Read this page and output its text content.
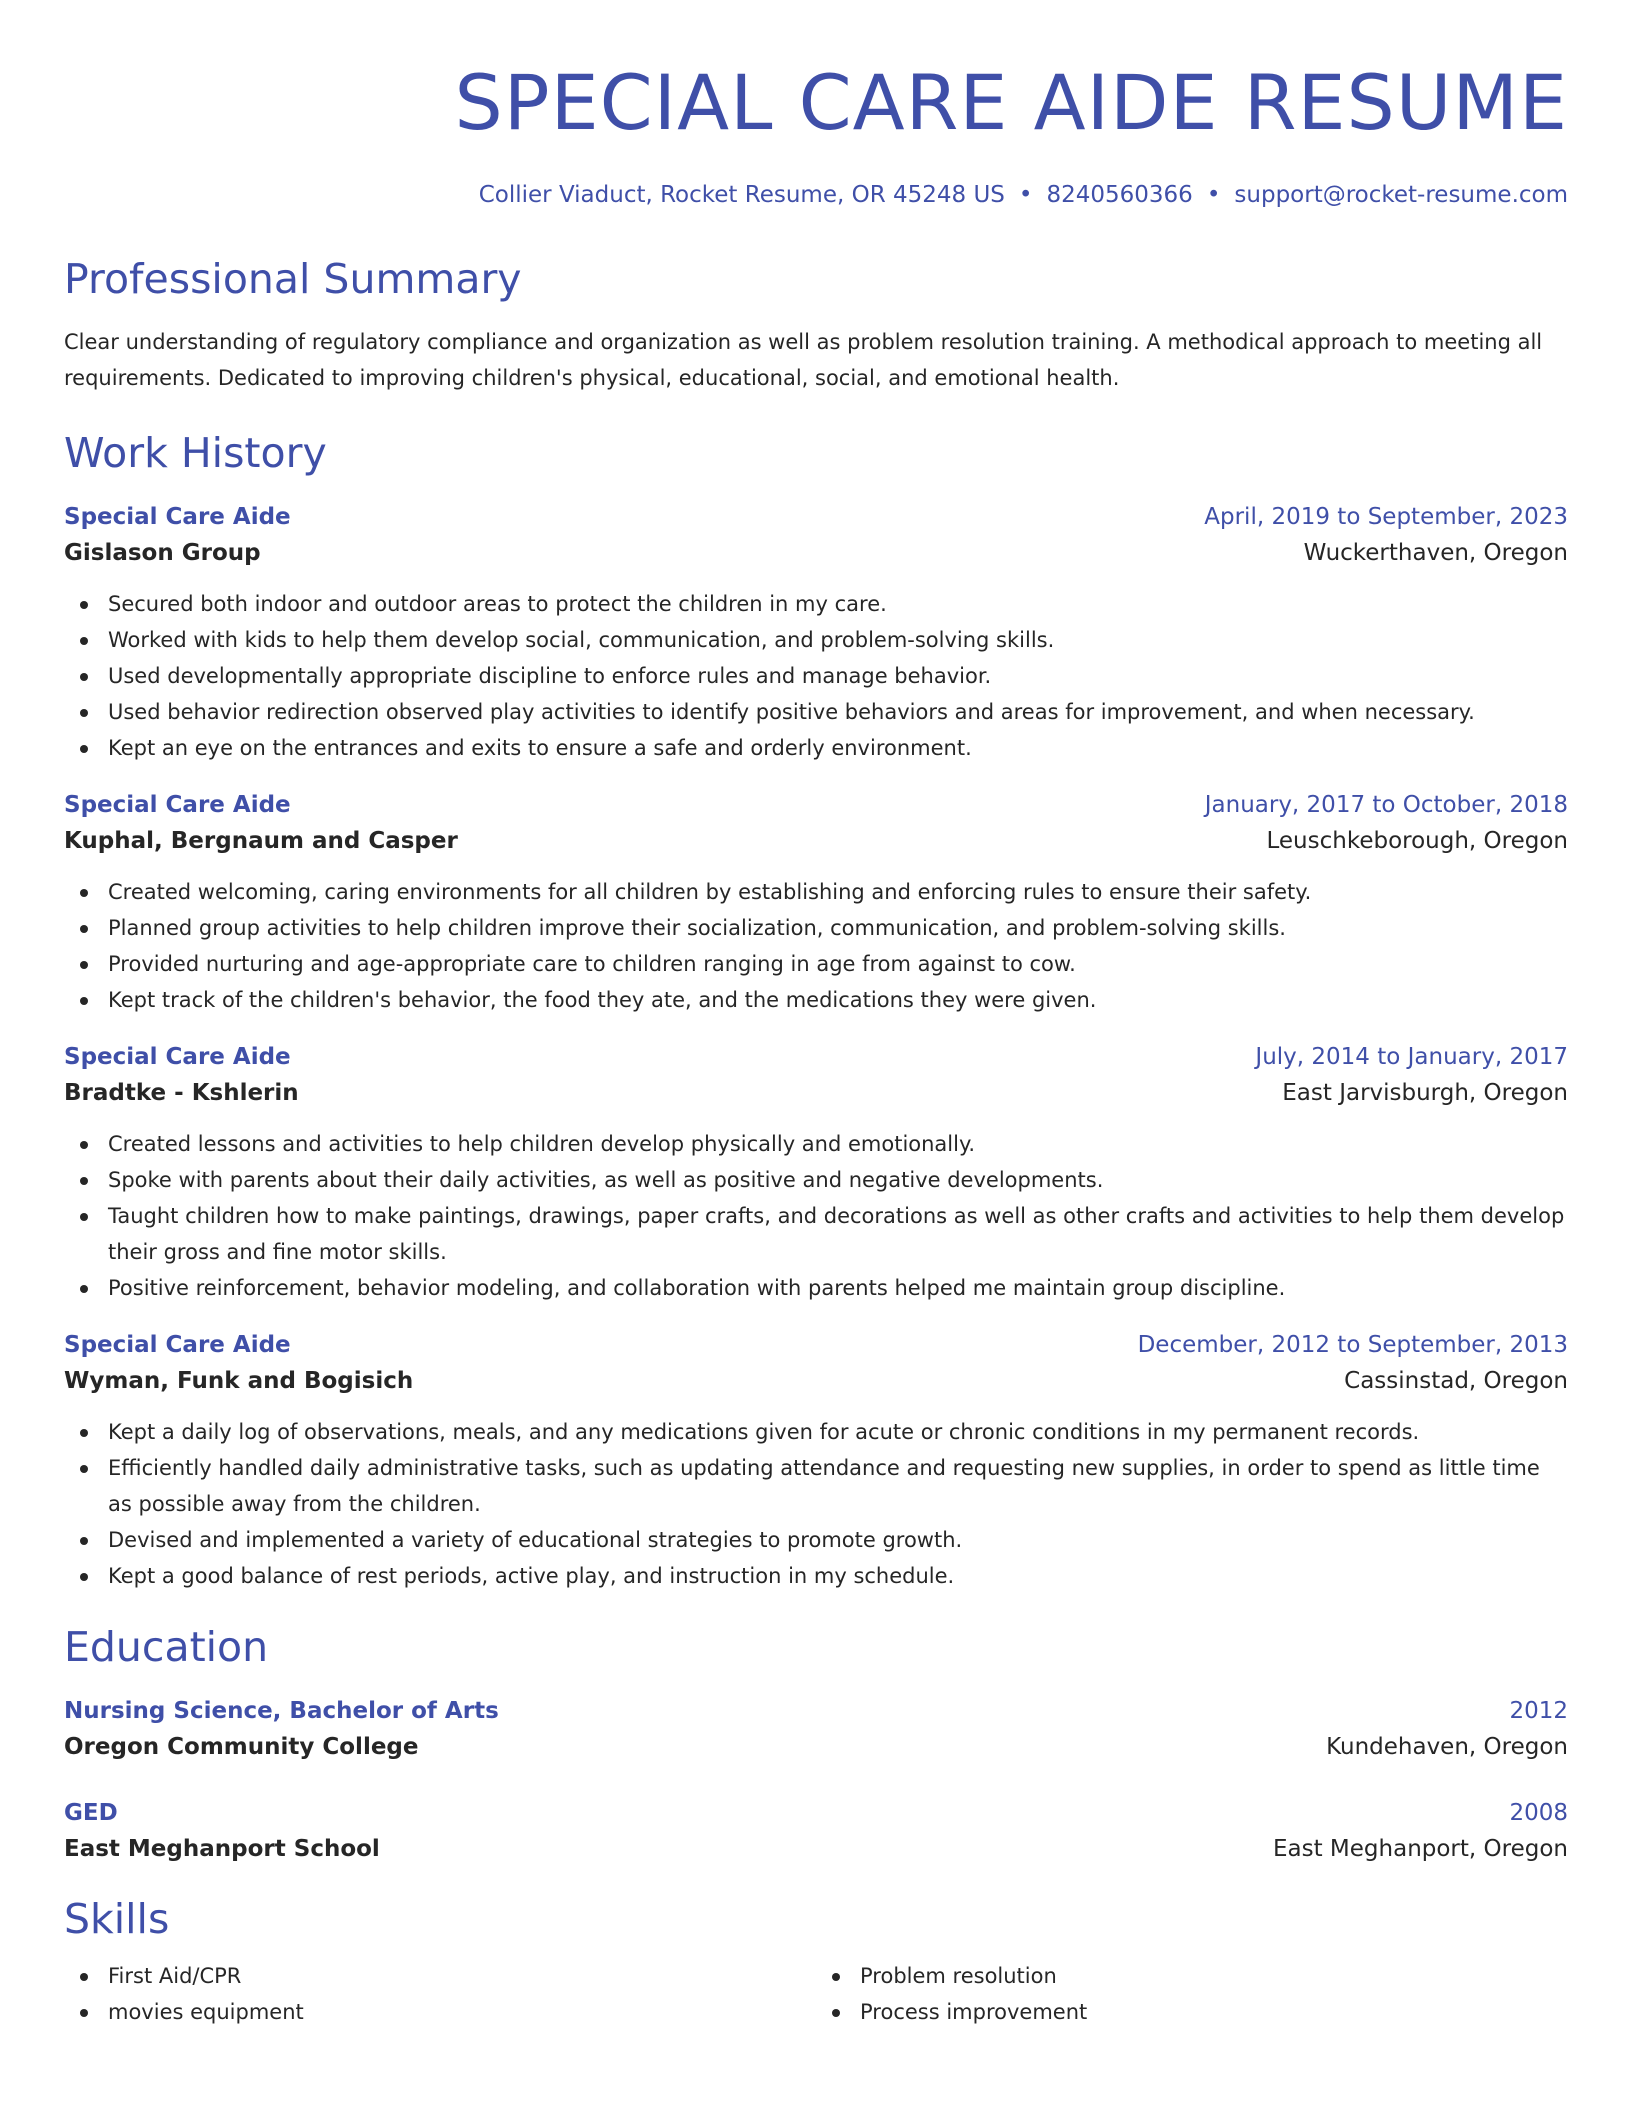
SPECIAL CARE AIDE RESUME
Collier Viaduct, Rocket Resume, OR 45248 US • 8240560366 • support@rocket-resume.com
Professional Summary

Clear understanding of regulatory compliance and organization as well as problem resolution training. A methodical approach to meeting all requirements. Dedicated to improving children's physical, educational, social, and emotional health.

Work History
Special Care Aide	April, 2019 to September, 2023
Gislason Group	Wuckerthaven, Oregon
Secured both indoor and outdoor areas to protect the children in my care.
Worked with kids to help them develop social, communication, and problem-solving skills.
Used developmentally appropriate discipline to enforce rules and manage behavior.
Used behavior redirection observed play activities to identify positive behaviors and areas for improvement, and when necessary.
Kept an eye on the entrances and exits to ensure a safe and orderly environment.
Special Care Aide	January, 2017 to October, 2018
Kuphal, Bergnaum and Casper	Leuschkeborough, Oregon
Created welcoming, caring environments for all children by establishing and enforcing rules to ensure their safety.
Planned group activities to help children improve their socialization, communication, and problem-solving skills.
Provided nurturing and age-appropriate care to children ranging in age from against to cow.
Kept track of the children's behavior, the food they ate, and the medications they were given.
Special Care Aide	July, 2014 to January, 2017
Bradtke - Kshlerin	East Jarvisburgh, Oregon
Created lessons and activities to help children develop physically and emotionally.
Spoke with parents about their daily activities, as well as positive and negative developments.
Taught children how to make paintings, drawings, paper crafts, and decorations as well as other crafts and activities to help them develop their gross and fine motor skills.
Positive reinforcement, behavior modeling, and collaboration with parents helped me maintain group discipline.
Special Care Aide	December, 2012 to September, 2013
Wyman, Funk and Bogisich	Cassinstad, Oregon
Kept a daily log of observations, meals, and any medications given for acute or chronic conditions in my permanent records.
Efficiently handled daily administrative tasks, such as updating attendance and requesting new supplies, in order to spend as little time as possible away from the children.
Devised and implemented a variety of educational strategies to promote growth.
Kept a good balance of rest periods, active play, and instruction in my schedule.
Education
Nursing Science, Bachelor of Arts	2012
Oregon Community College	Kundehaven, Oregon
GED	2008
East Meghanport School	East Meghanport, Oregon
Skills
First Aid/CPR
movies equipment
Problem resolution
Process improvement
